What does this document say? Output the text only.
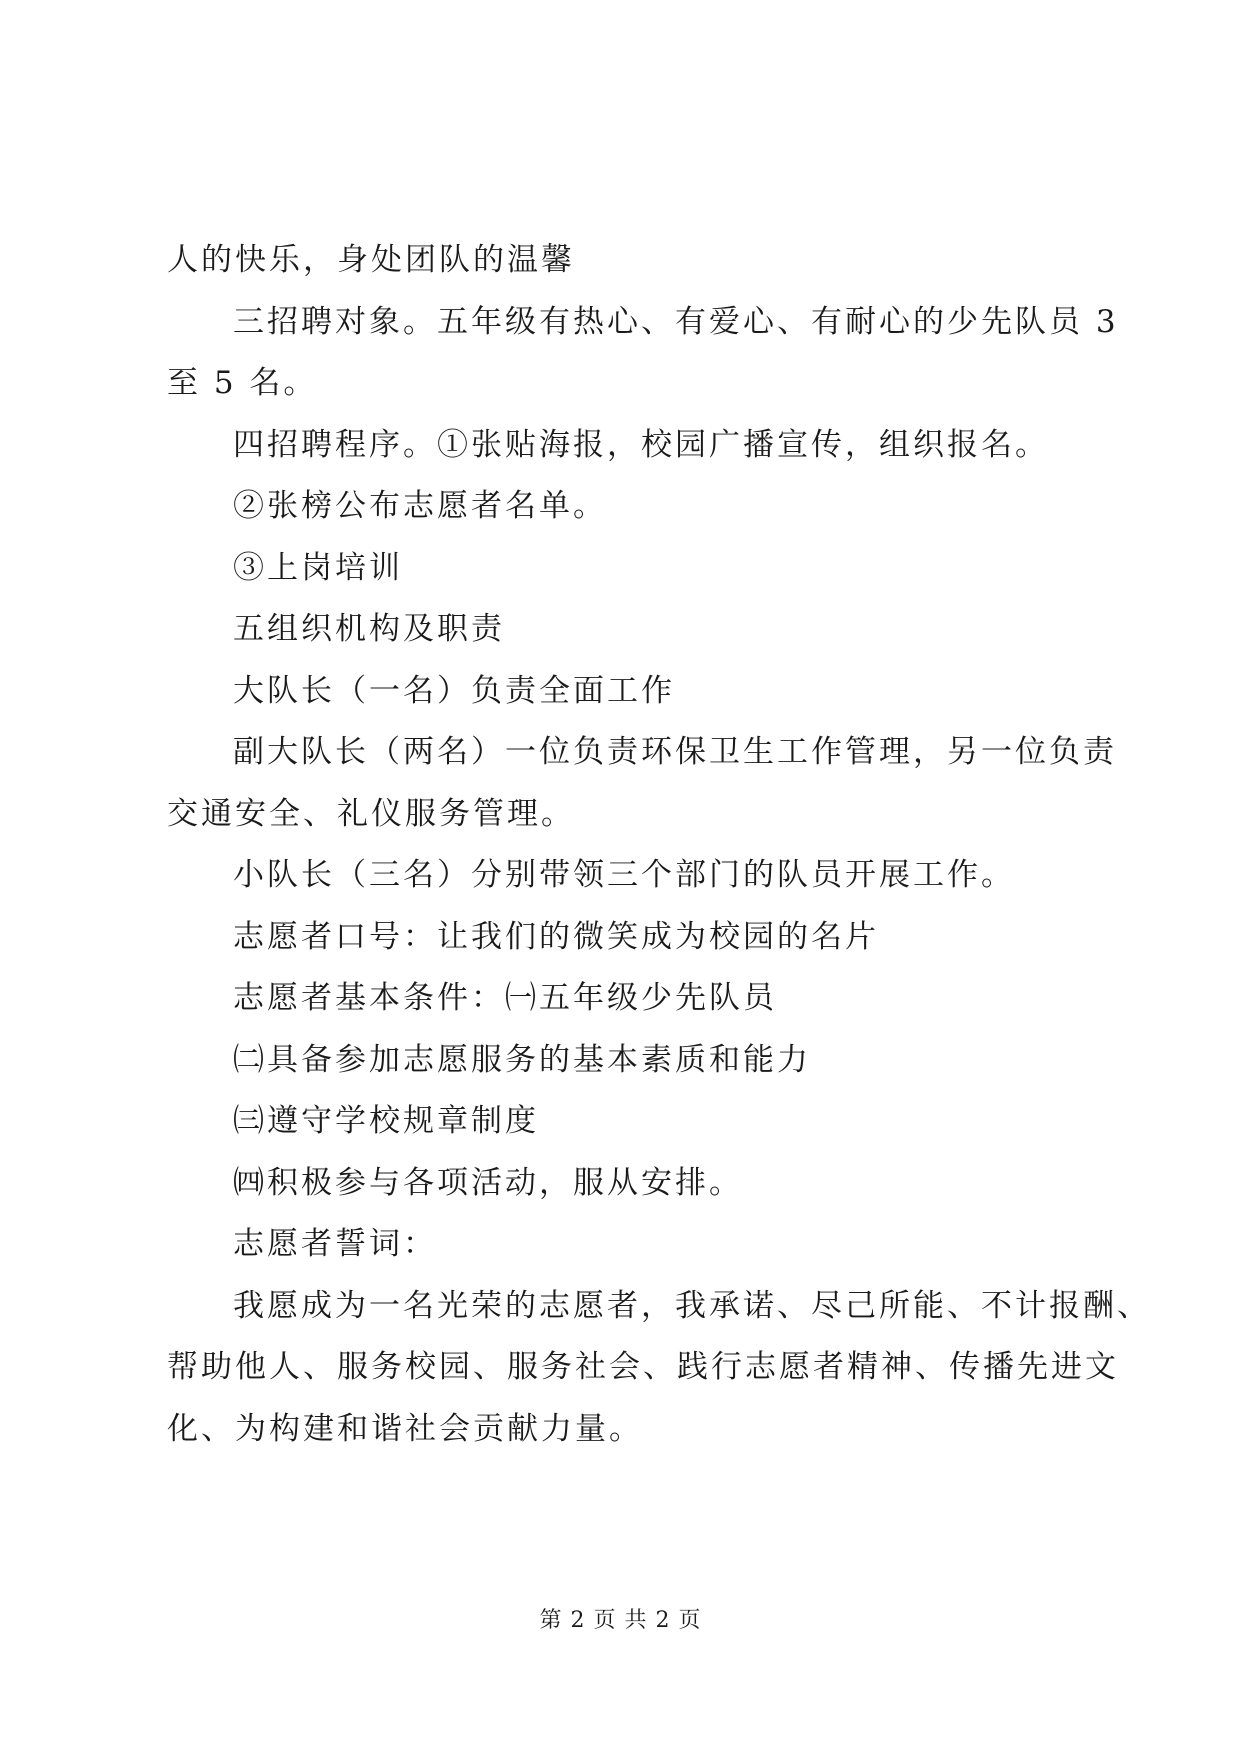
人的快乐，身处团队的温馨
三招聘对象。五年级有热心、有爱心、有耐心的少先队员 3
至 5 名。
四招聘程序。①张贴海报，校园广播宣传，组织报名。
②张榜公布志愿者名单。
③上岗培训
五组织机构及职责
大队长（一名）负责全面工作
副大队长（两名）一位负责环保卫生工作管理，另一位负责
交通安全、礼仪服务管理。
小队长（三名）分别带领三个部门的队员开展工作。
志愿者口号：让我们的微笑成为校园的名片
志愿者基本条件：㈠五年级少先队员
㈡具备参加志愿服务的基本素质和能力
㈢遵守学校规章制度
㈣积极参与各项活动，服从安排。
志愿者誓词：
我愿成为一名光荣的志愿者，我承诺、尽己所能、不计报酬、
帮助他人、服务校园、服务社会、践行志愿者精神、传播先进文
化、为构建和谐社会贡献力量。
第 2 页 共 2 页
